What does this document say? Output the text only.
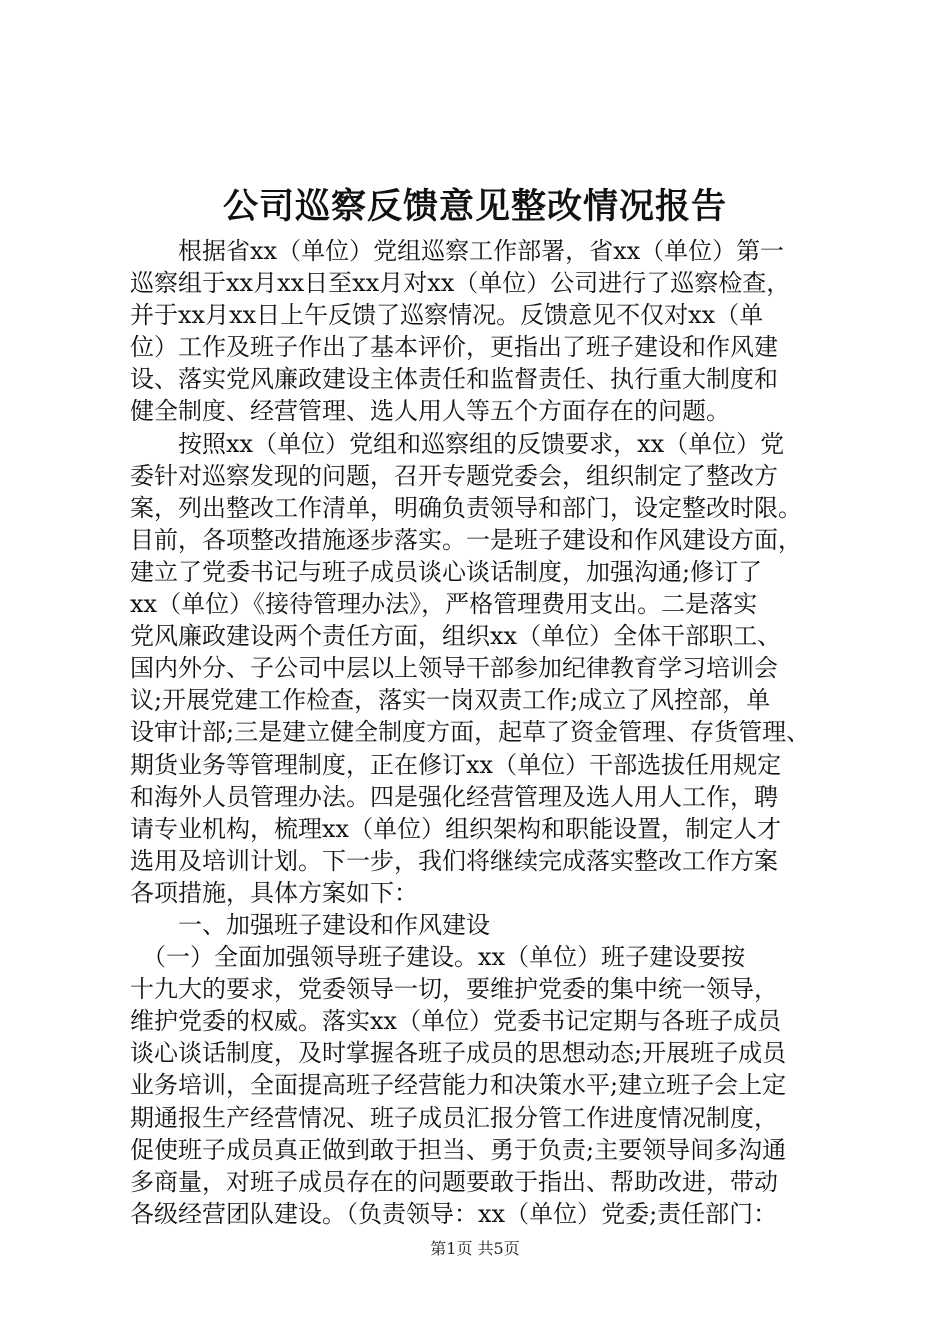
公司巡察反馈意见整改情况报告
　　根据省xx（单位）党组巡察工作部署，省xx（单位）第一
巡察组于xx月xx日至xx月对xx（单位）公司进行了巡察检查，
并于xx月xx日上午反馈了巡察情况。反馈意见不仅对xx（单
位）工作及班子作出了基本评价，更指出了班子建设和作风建
设、落实党风廉政建设主体责任和监督责任、执行重大制度和
健全制度、经营管理、选人用人等五个方面存在的问题。
　　按照xx（单位）党组和巡察组的反馈要求，xx（单位）党
委针对巡察发现的问题，召开专题党委会，组织制定了整改方
案，列出整改工作清单，明确负责领导和部门，设定整改时限。
目前，各项整改措施逐步落实。一是班子建设和作风建设方面，
建立了党委书记与班子成员谈心谈话制度，加强沟通;修订了
xx（单位）《接待管理办法》，严格管理费用支出。二是落实
党风廉政建设两个责任方面，组织xx（单位）全体干部职工、
国内外分、子公司中层以上领导干部参加纪律教育学习培训会
议;开展党建工作检查，落实一岗双责工作;成立了风控部，单
设审计部;三是建立健全制度方面，起草了资金管理、存货管理、
期货业务等管理制度，正在修订xx（单位）干部选拔任用规定
和海外人员管理办法。四是强化经营管理及选人用人工作，聘
请专业机构，梳理xx（单位）组织架构和职能设置，制定人才
选用及培训计划。下一步，我们将继续完成落实整改工作方案
各项措施，具体方案如下：
　　一、加强班子建设和作风建设
　（一）全面加强领导班子建设。xx（单位）班子建设要按
十九大的要求，党委领导一切，要维护党委的集中统一领导，
维护党委的权威。落实xx（单位）党委书记定期与各班子成员
谈心谈话制度，及时掌握各班子成员的思想动态;开展班子成员
业务培训，全面提高班子经营能力和决策水平;建立班子会上定
期通报生产经营情况、班子成员汇报分管工作进度情况制度，
促使班子成员真正做到敢于担当、勇于负责;主要领导间多沟通
多商量，对班子成员存在的问题要敢于指出、帮助改进，带动
各级经营团队建设。（负责领导：xx（单位）党委;责任部门：
第1页 共5页
